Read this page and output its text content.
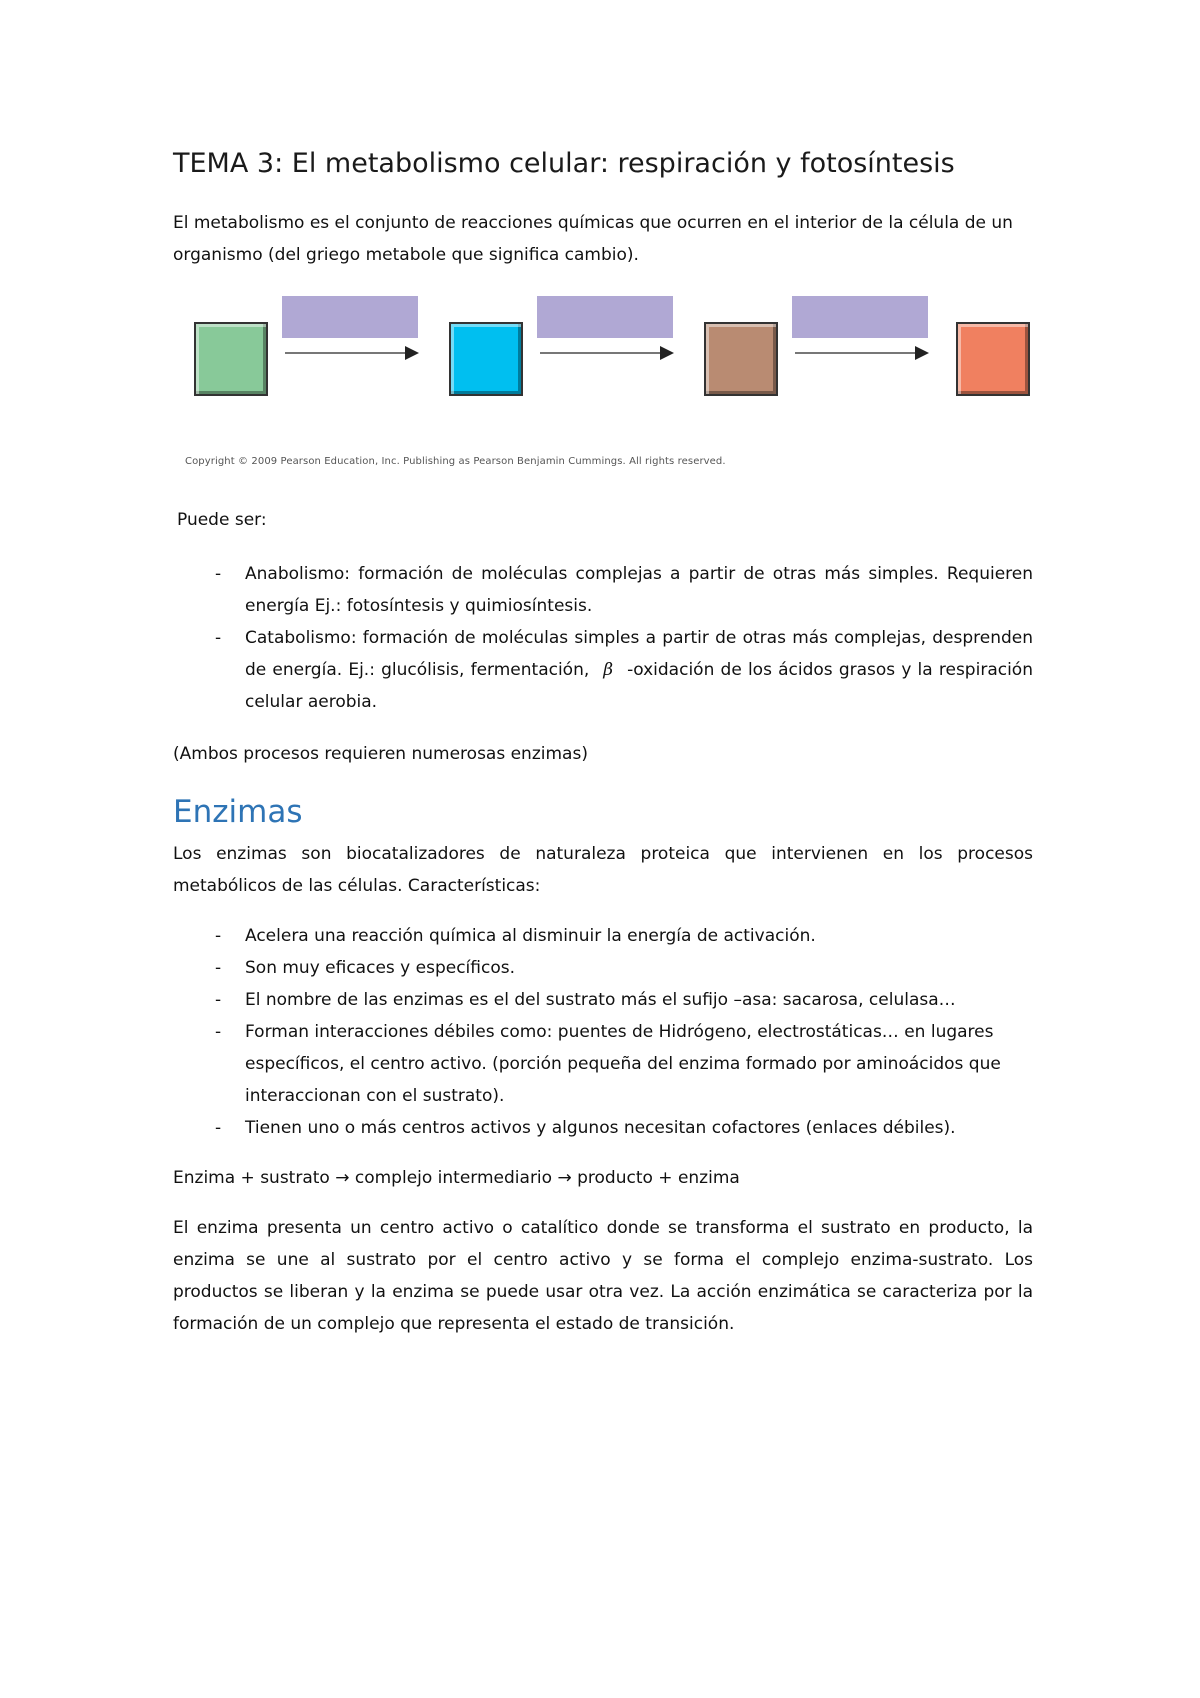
TEMA 3: El metabolismo celular: respiración y fotosíntesis

El metabolismo es el conjunto de reacciones químicas que ocurren en el interior de la célula de un organismo (del griego metabole que significa cambio).

Copyright © 2009 Pearson Education, Inc. Publishing as Pearson Benjamin Cummings. All rights reserved.

Puede ser:

- Anabolismo: formación de moléculas complejas a partir de otras más simples. Requieren energía Ej.: fotosíntesis y quimiosíntesis.
- Catabolismo: formación de moléculas simples a partir de otras más complejas, desprenden de energía. Ej.: glucólisis, fermentación, β -oxidación de los ácidos grasos y la respiración celular aerobia.

(Ambos procesos requieren numerosas enzimas)

Enzimas

Los enzimas son biocatalizadores de naturaleza proteica que intervienen en los procesos metabólicos de las células. Características:

- Acelera una reacción química al disminuir la energía de activación.
- Son muy eficaces y específicos.
- El nombre de las enzimas es el del sustrato más el sufijo –asa: sacarosa, celulasa…
- Forman interacciones débiles como: puentes de Hidrógeno, electrostáticas… en lugares específicos, el centro activo. (porción pequeña del enzima formado por aminoácidos que interaccionan con el sustrato).
- Tienen uno o más centros activos y algunos necesitan cofactores (enlaces débiles).

Enzima + sustrato → complejo intermediario → producto + enzima

El enzima presenta un centro activo o catalítico donde se transforma el sustrato en producto, la enzima se une al sustrato por el centro activo y se forma el complejo enzima-sustrato. Los productos se liberan y la enzima se puede usar otra vez. La acción enzimática se caracteriza por la formación de un complejo que representa el estado de transición.
